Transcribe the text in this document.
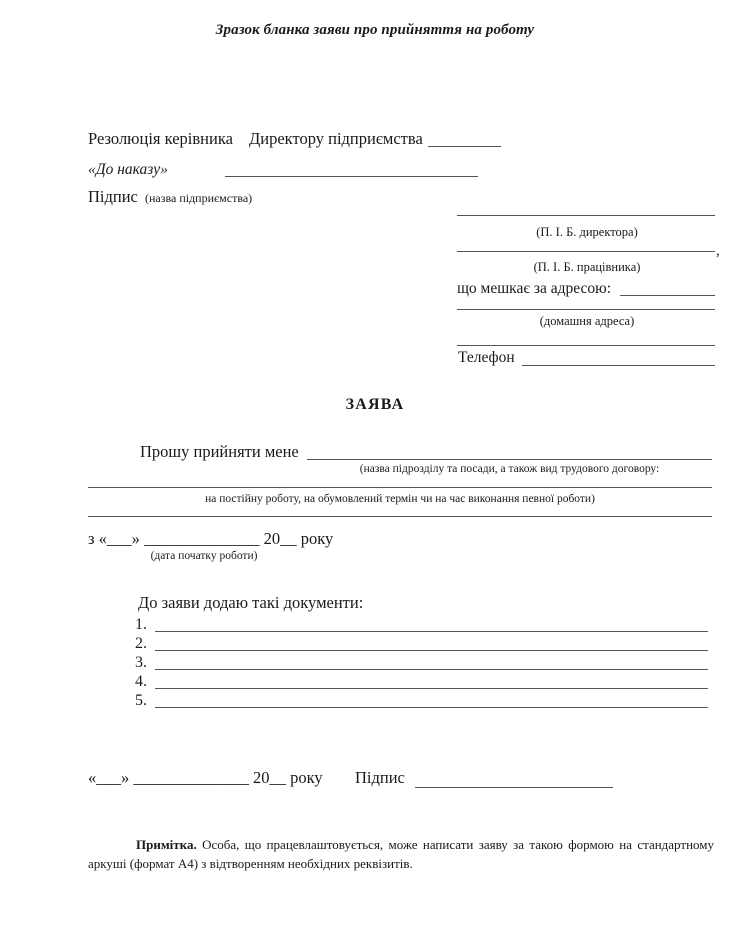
Зразок бланка заяви про прийняття на роботу
Резолюція керівника Директору підприємства
«До наказу»
Підпис (назва підприємства)
(П. І. Б. директора)
,
(П. І. Б. працівника)
що мешкає за адресою:
(домашня адреса)
Телефон
ЗАЯВА
Прошу прийняти мене
(назва підрозділу та посади, а також вид трудового договору:
на постійну роботу, на обумовлений термін чи на час виконання певної роботи)
з «___» ______________ 20__ року
(дата початку роботи)
До заяви додаю такі документи:
1.
2.
3.
4.
5.
«___» ______________ 20__ року Підпис
Примітка. Особа, що працевлаштовується, може написати заяву за такою формою на стандартному аркуші (формат А4) з відтворенням необхідних реквізитів.
